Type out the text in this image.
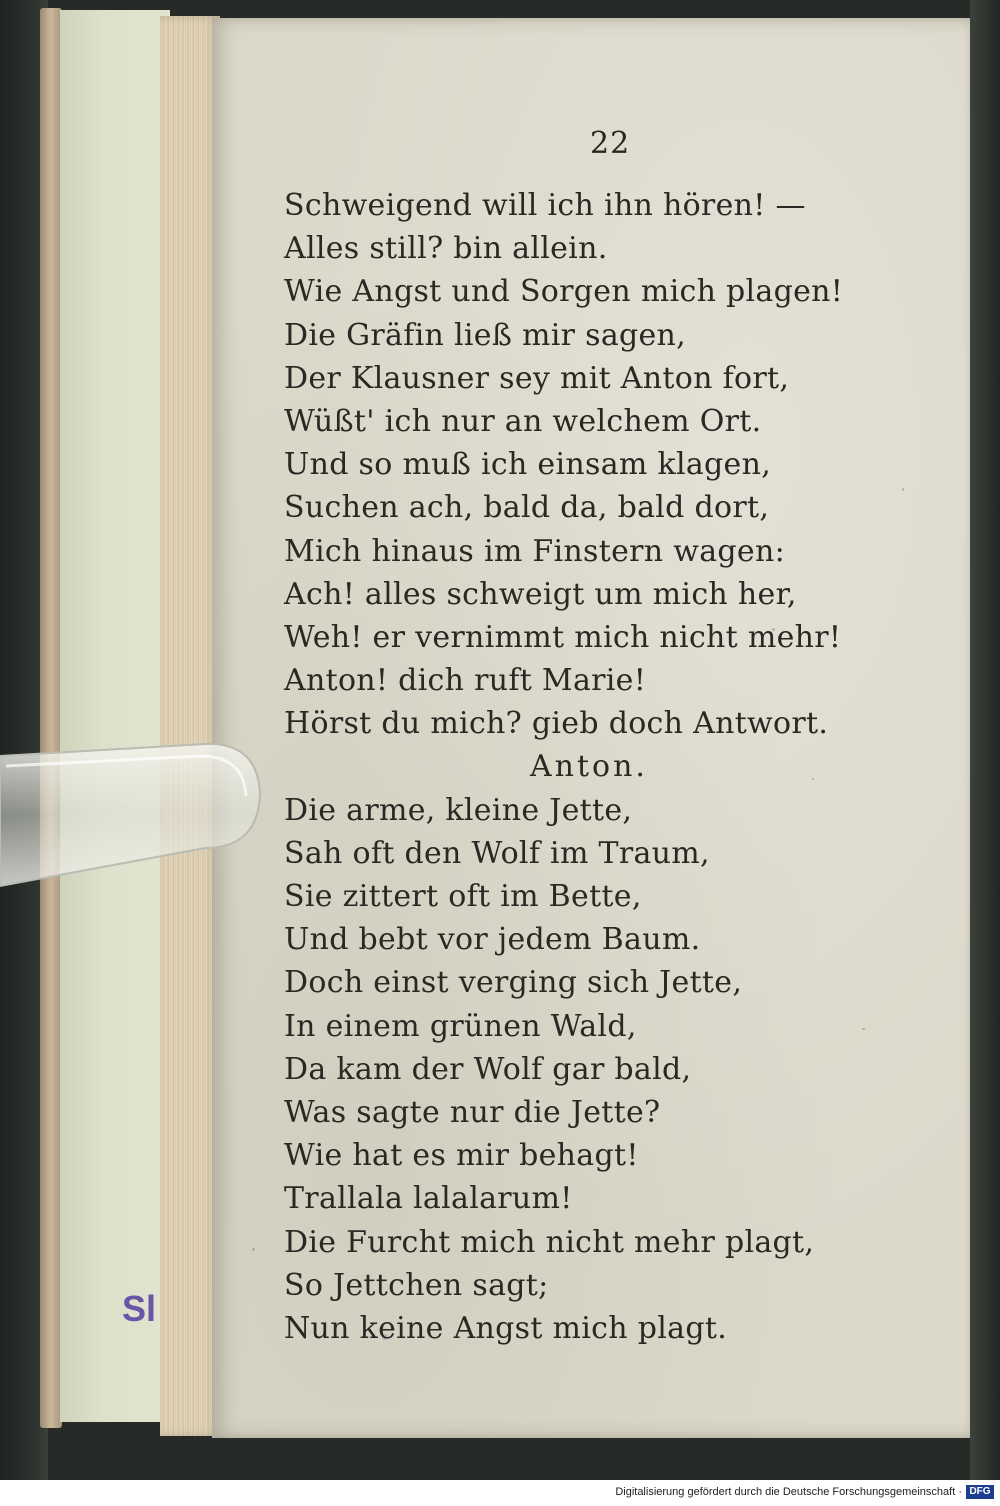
22
Schweigend will ich ihn hören! —
Alles still? bin allein.
Wie Angst und Sorgen mich plagen!
Die Gräfin ließ mir sagen,
Der Klausner sey mit Anton fort,
Wüßt' ich nur an welchem Ort.
Und so muß ich einsam klagen,
Suchen ach, bald da, bald dort,
Mich hinaus im Finstern wagen:
Ach! alles schweigt um mich her,
Weh! er vernimmt mich nicht mehr!
Anton! dich ruft Marie!
Hörst du mich? gieb doch Antwort.
Anton.
Die arme, kleine Jette,
Sah oft den Wolf im Traum,
Sie zittert oft im Bette,
Und bebt vor jedem Baum.
Doch einst verging sich Jette,
In einem grünen Wald,
Da kam der Wolf gar bald,
Was sagte nur die Jette?
Wie hat es mir behagt!
Trallala lalalarum!
Die Furcht mich nicht mehr plagt,
So Jettchen sagt;
Nun keine Angst mich plagt.
Sl
Digitalisierung gefördert durch die Deutsche Forschungsgemeinschaft · DFG
